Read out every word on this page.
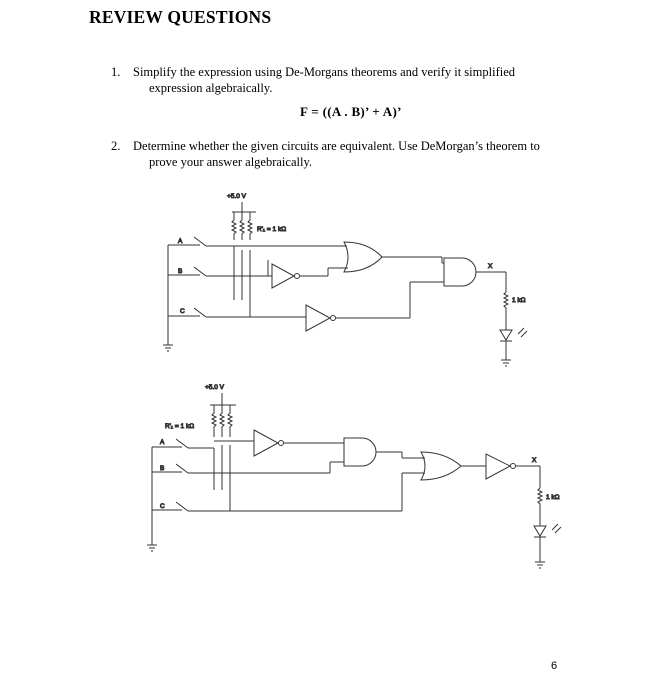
REVIEW QUESTIONS
1. Simplify the expression using De-Morgans theorems and verify it simplified
expression algebraically.
F = ((A . B)’ + A)’
2. Determine whether the given circuits are equivalent. Use DeMorgan’s theorem to
prove your answer algebraically.
+5.0 V
R'₁ = 1 kΩ
A
B
C
X
1 kΩ
+5.0 V
R'₁ = 1 kΩ
A
B
C
X
1 kΩ
6
